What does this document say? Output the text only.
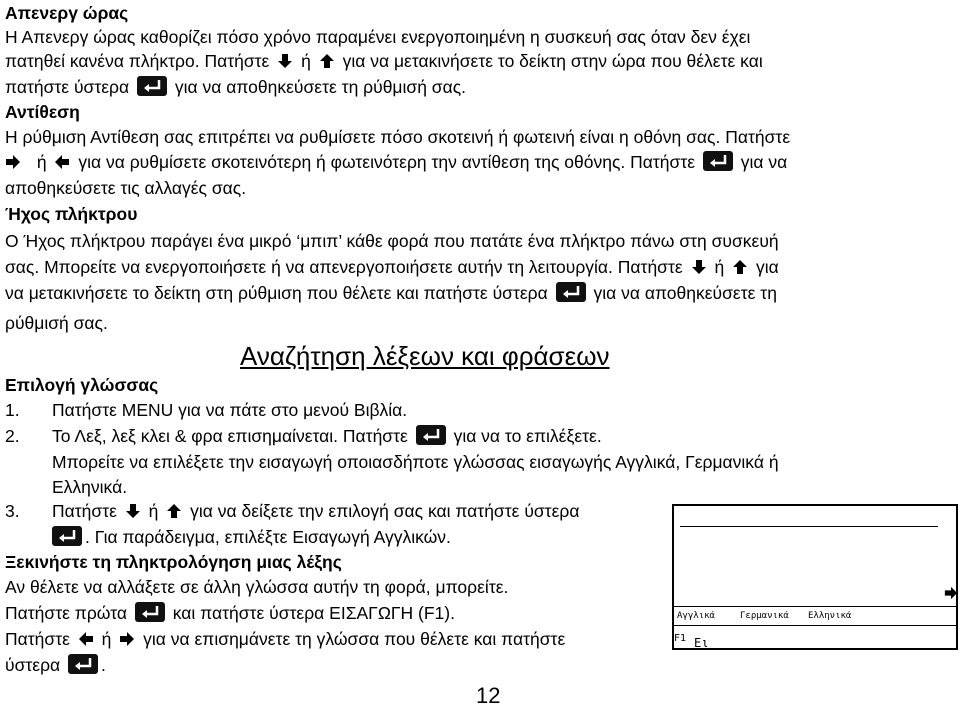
Απενεργ ώρας
Η Απενεργ ώρας καθορίζει πόσο χρόνο παραμένει ενεργοποιημένη η συσκευή σας όταν δεν έχει
πατηθεί κανένα πλήκτρο. Πατήστε ή για να μετακινήσετε το δείκτη στην ώρα που θέλετε και
πατήστε ύστερα	για να αποθηκεύσετε τη ρύθμισή σας.
Αντίθεση
Η ρύθμιση Αντίθεση σας επιτρέπει να ρυθμίσετε πόσο σκοτεινή ή φωτεινή είναι η οθόνη σας. Πατήστε
ή για να ρυθμίσετε σκοτεινότερη ή φωτεινότερη την αντίθεση της οθόνης. Πατήστε	για να
αποθηκεύσετε τις αλλαγές σας.
Ήχος πλήκτρου
Ο Ήχος πλήκτρου παράγει ένα μικρό ‘μπιπ’ κάθε φορά που πατάτε ένα πλήκτρο πάνω στη συσκευή
σας. Μπορείτε να ενεργοποιήσετε ή να απενεργοποιήσετε αυτήν τη λειτουργία. Πατήστε ή για
να μετακινήσετε το δείκτη στη ρύθμιση που θέλετε και πατήστε ύστερα	για να αποθηκεύσετε τη
ρύθμισή σας.
Αναζήτηση λέξεων και φράσεων
Επιλογή γλώσσας
1. Πατήστε MENU για να πάτε στο μενού Βιβλία.
2. Το Λεξ, λεξ κλει & φρα επισημαίνεται. Πατήστε	για να το επιλέξετε.
Μπορείτε να επιλέξετε την εισαγωγή οποιασδήποτε γλώσσας εισαγωγής Αγγλικά, Γερμανικά ή
Ελληνικά.
3. Πατήστε ή για να δείξετε την επιλογή σας και πατήστε ύστερα
. Για παράδειγμα, επιλέξτε Εισαγωγή Αγγλικών.
Ξεκινήστε τη πληκτρολόγηση μιας λέξης
Αν θέλετε να αλλάξετε σε άλλη γλώσσα αυτήν τη φορά, μπορείτε.
Πατήστε πρώτα	και πατήστε ύστερα ΕΙΣΑΓΩΓΗ (F1).
Πατήστε ή για να επισημάνετε τη γλώσσα που θέλετε και πατήστε
ύστερα .
Αγγλικά	Γερμανικά Ελληνικά
F1 Ει
12
